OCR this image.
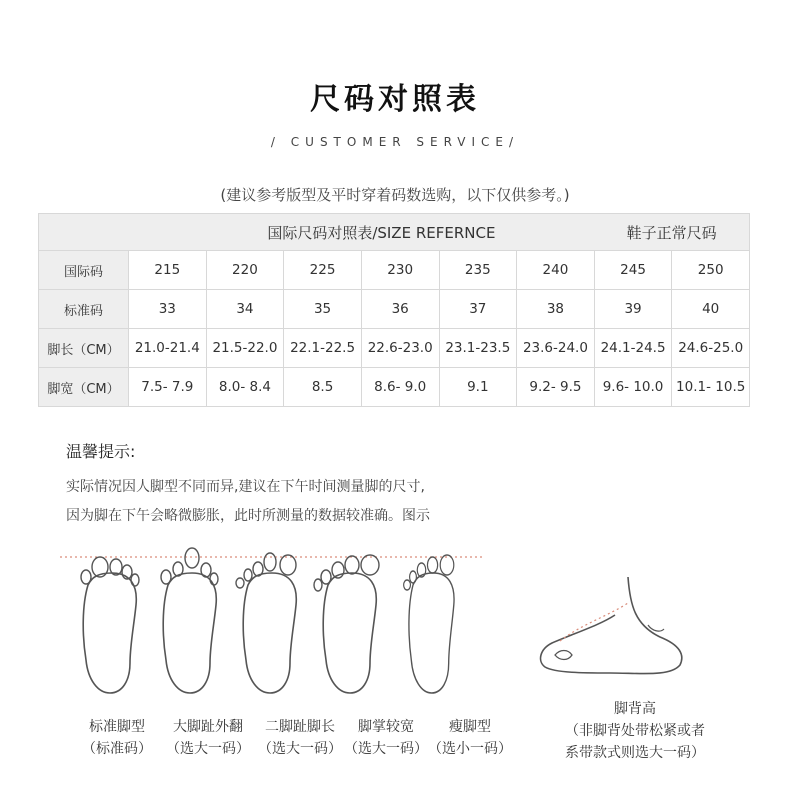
尺码对照表
/ CUSTOMER SERVICE/
(建议参考版型及平时穿着码数选购，以下仅供参考。)
	国际尺码对照表/SIZE REFERNCE						鞋子正常尺码	
国际码	215	220	225	230	235	240	245	250
标准码	33	34	35	36	37	38	39	40
脚长（CM）	21.0-21.4	21.5-22.0	22.1-22.5	22.6-23.0	23.1-23.5	23.6-24.0	24.1-24.5	24.6-25.0
脚宽（CM）	7.5- 7.9	8.0- 8.4	8.5	8.6- 9.0	9.1	9.2- 9.5	9.6- 10.0	10.1- 10.5
温馨提示:
实际情况因人脚型不同而异,建议在下午时间测量脚的尺寸,
因为脚在下午会略微膨胀，此时所测量的数据较准确。图示
标准脚型
（标准码）
大脚趾外翻
（选大一码）
二脚趾脚长
（选大一码）
脚掌较宽
（选大一码）
瘦脚型
（选小一码）
脚背高
（非脚背处带松紧或者
系带款式则选大一码）
